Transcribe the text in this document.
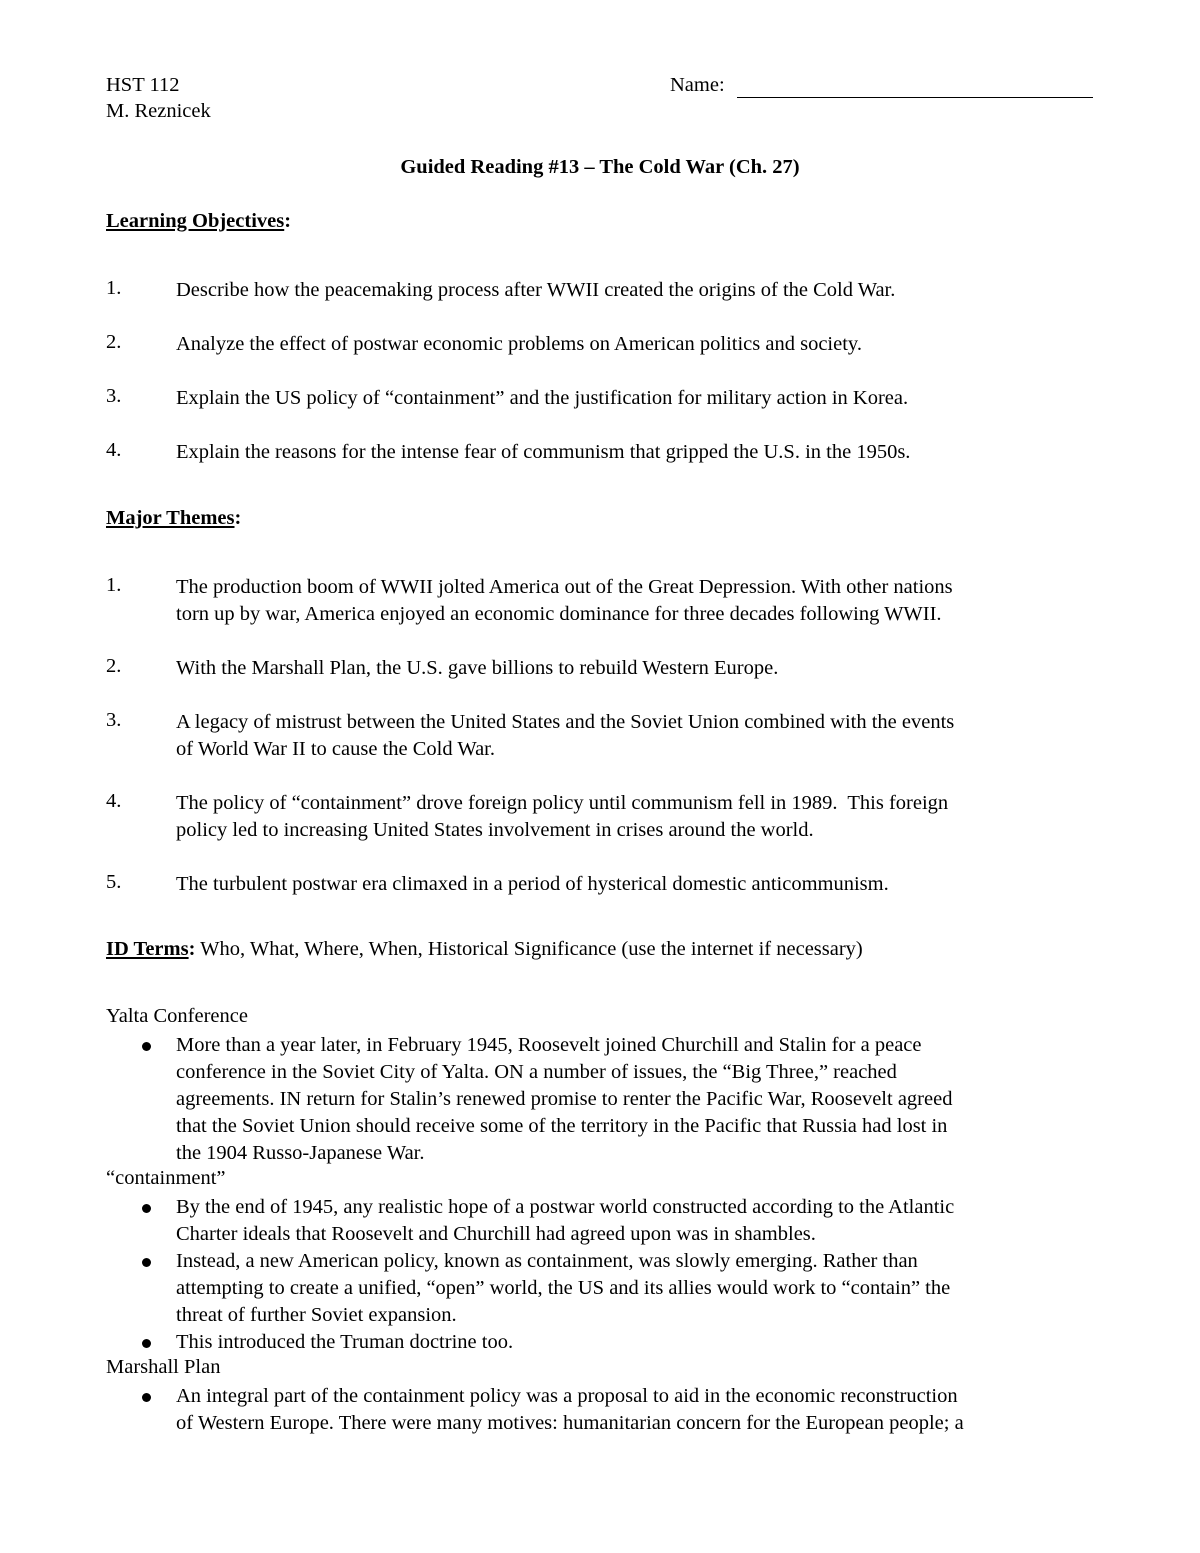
HST 112
M. Reznicek
Name:
Guided Reading #13 – The Cold War (Ch. 27)
Learning Objectives:
1.	Describe how the peacemaking process after WWII created the origins of the Cold War.
2.	Analyze the effect of postwar economic problems on American politics and society.
3.	Explain the US policy of “containment” and the justification for military action in Korea.
4.	Explain the reasons for the intense fear of communism that gripped the U.S. in the 1950s.
Major Themes:
1.	The production boom of WWII jolted America out of the Great Depression. With other nations
torn up by war, America enjoyed an economic dominance for three decades following WWII.
2.	With the Marshall Plan, the U.S. gave billions to rebuild Western Europe.
3.	A legacy of mistrust between the United States and the Soviet Union combined with the events
of World War II to cause the Cold War.
4.	The policy of “containment” drove foreign policy until communism fell in 1989.  This foreign
policy led to increasing United States involvement in crises around the world.
5.	The turbulent postwar era climaxed in a period of hysterical domestic anticommunism.
ID Terms: Who, What, Where, When, Historical Significance (use the internet if necessary)
Yalta Conference
More than a year later, in February 1945, Roosevelt joined Churchill and Stalin for a peace
conference in the Soviet City of Yalta. ON a number of issues, the “Big Three,” reached
agreements. IN return for Stalin’s renewed promise to renter the Pacific War, Roosevelt agreed
that the Soviet Union should receive some of the territory in the Pacific that Russia had lost in
the 1904 Russo-Japanese War.
“containment”
By the end of 1945, any realistic hope of a postwar world constructed according to the Atlantic
Charter ideals that Roosevelt and Churchill had agreed upon was in shambles.
Instead, a new American policy, known as containment, was slowly emerging. Rather than
attempting to create a unified, “open” world, the US and its allies would work to “contain” the
threat of further Soviet expansion.
This introduced the Truman doctrine too.
Marshall Plan
An integral part of the containment policy was a proposal to aid in the economic reconstruction
of Western Europe. There were many motives: humanitarian concern for the European people; a
